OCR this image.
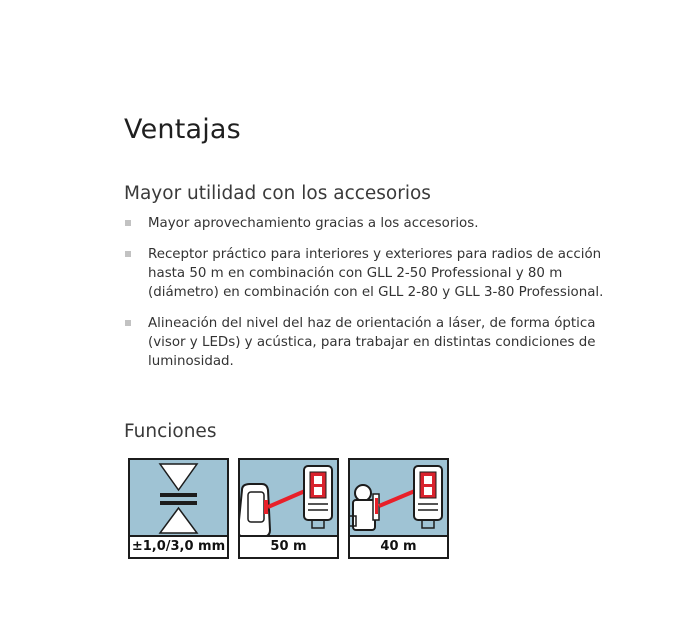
Ventajas
Mayor utilidad con los accesorios
Mayor aprovechamiento gracias a los accesorios.
Receptor práctico para interiores y exteriores para radios de acción hasta 50 m en combinación con GLL 2-50 Professional y 80 m (diámetro) en combinación con el GLL 2-80 y GLL 3-80 Professional.
Alineación del nivel del haz de orientación a láser, de forma óptica (visor y LEDs) y acústica, para trabajar en distintas condiciones de luminosidad.
Funciones
±1,0/3,0 mm	50 m	40 m
